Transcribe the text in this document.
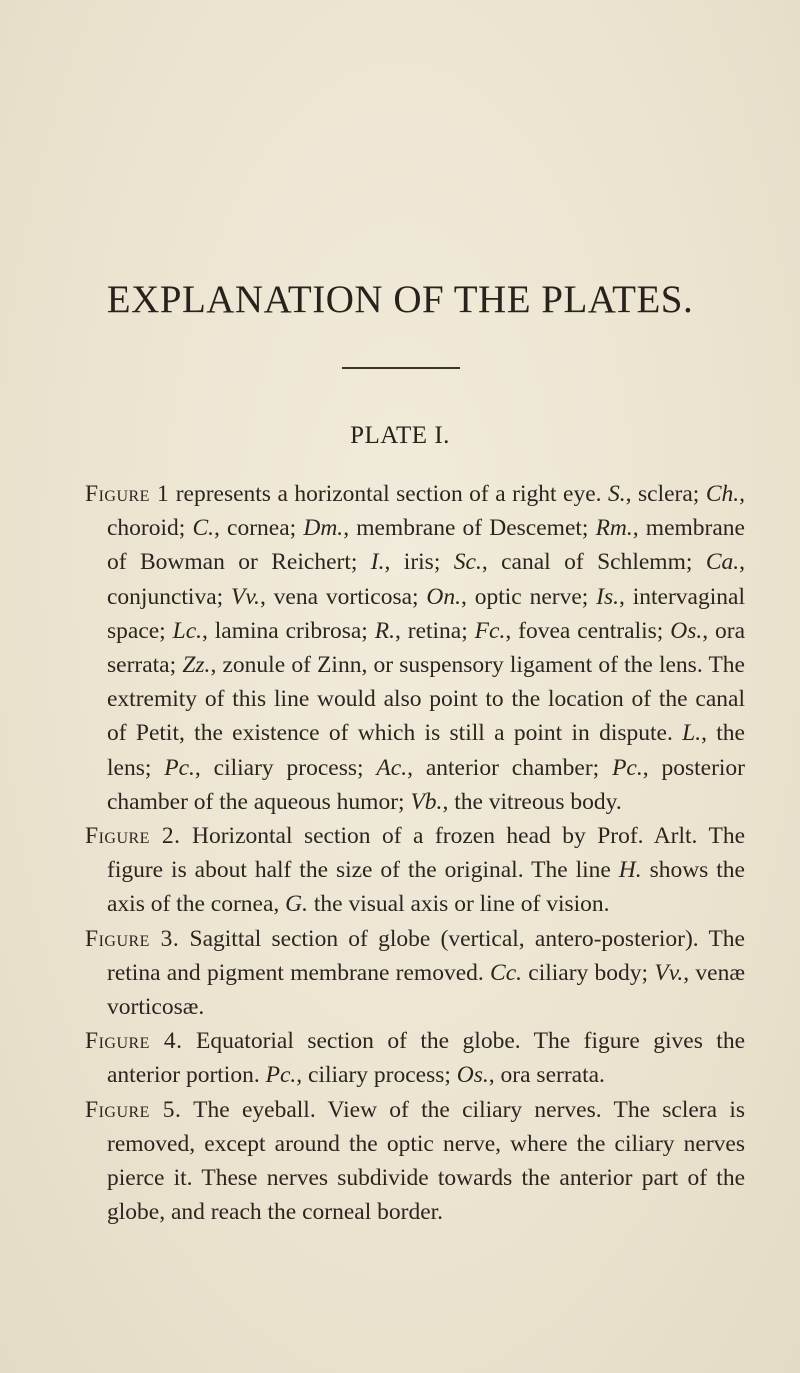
EXPLANATION OF THE PLATES.
PLATE I.

Figure 1 represents a horizontal section of a right eye. S., sclera; Ch., choroid; C., cornea; Dm., membrane of Descemet; Rm., membrane of Bowman or Reichert; I., iris; Sc., canal of Schlemm; Ca., conjunctiva; Vv., vena vorticosa; On., optic nerve; Is., intervaginal space; Lc., lamina cribrosa; R., retina; Fc., fovea centralis; Os., ora serrata; Zz., zonule of Zinn, or suspensory ligament of the lens. The extremity of this line would also point to the location of the canal of Petit, the existence of which is still a point in dispute. L., the lens; Pc., ciliary process; Ac., anterior chamber; Pc., posterior chamber of the aqueous humor; Vb., the vitreous body.

Figure 2. Horizontal section of a frozen head by Prof. Arlt. The figure is about half the size of the original. The line H. shows the axis of the cornea, G. the visual axis or line of vision.

Figure 3. Sagittal section of globe (vertical, antero-posterior). The retina and pigment membrane removed. Cc. ciliary body; Vv., venæ vorticosæ.

Figure 4. Equatorial section of the globe. The figure gives the anterior portion. Pc., ciliary process; Os., ora serrata.

Figure 5. The eyeball. View of the ciliary nerves. The sclera is removed, except around the optic nerve, where the ciliary nerves pierce it. These nerves subdivide towards the anterior part of the globe, and reach the corneal border.
